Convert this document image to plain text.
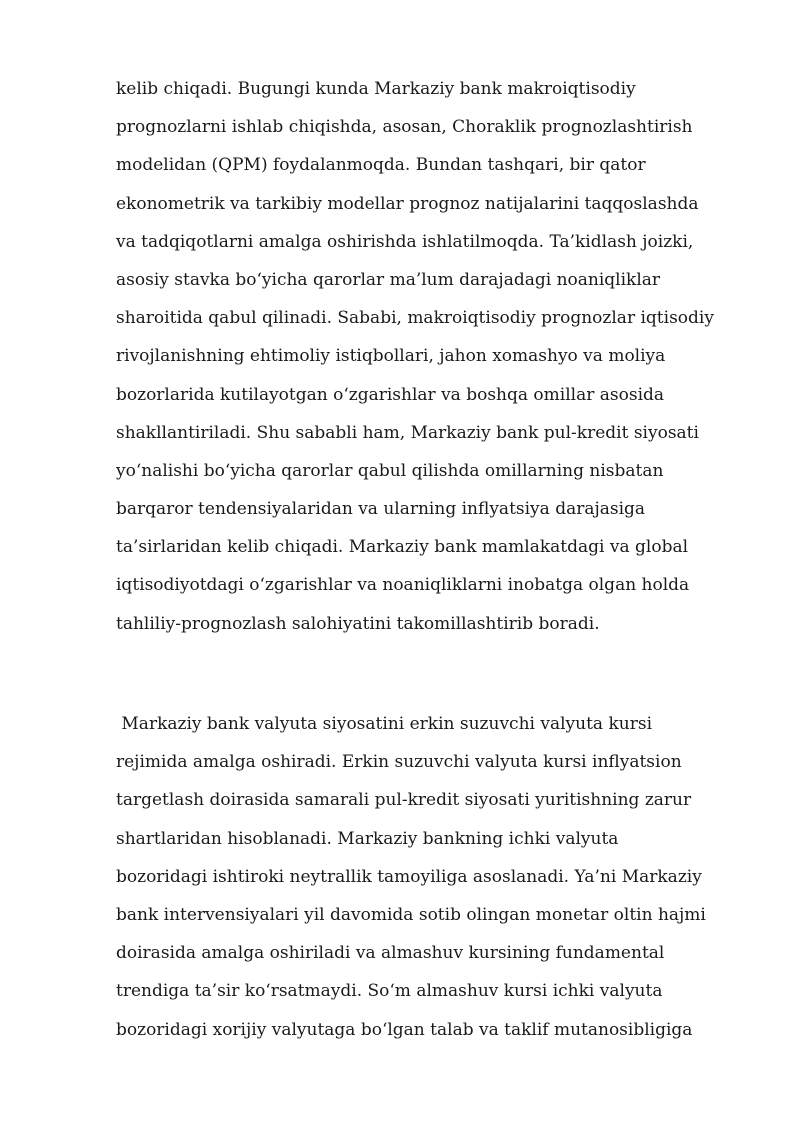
kelib chiqadi. Bugungi kunda Markaziy bank makroiqtisodiy
prognozlarni ishlab chiqishda, asosan, Choraklik prognozlashtirish
modelidan (QPM) foydalanmoqda. Bundan tashqari, bir qator
ekonometrik va tarkibiy modellar prognoz natijalarini taqqoslashda
va tadqiqotlarni amalga oshirishda ishlatilmoqda. Ta’kidlash joizki,
asosiy stavka bo‘yicha qarorlar ma’lum darajadagi noaniqliklar
sharoitida qabul qilinadi. Sababi, makroiqtisodiy prognozlar iqtisodiy
rivojlanishning ehtimoliy istiqbollari, jahon xomashyo va moliya
bozorlarida kutilayotgan o‘zgarishlar va boshqa omillar asosida
shakllantiriladi. Shu sababli ham, Markaziy bank pul-kredit siyosati
yo‘nalishi bo‘yicha qarorlar qabul qilishda omillarning nisbatan
barqaror tendensiyalaridan va ularning inflyatsiya darajasiga
ta’sirlaridan kelib chiqadi. Markaziy bank mamlakatdagi va global
iqtisodiyotdagi o‘zgarishlar va noaniqliklarni inobatga olgan holda
tahliliy-prognozlash salohiyatini takomillashtirib boradi.
Markaziy bank valyuta siyosatini erkin suzuvchi valyuta kursi
rejimida amalga oshiradi. Erkin suzuvchi valyuta kursi inflyatsion
targetlash doirasida samarali pul-kredit siyosati yuritishning zarur
shartlaridan hisoblanadi. Markaziy bankning ichki valyuta
bozoridagi ishtiroki neytrallik tamoyiliga asoslanadi. Ya’ni Markaziy
bank intervensiyalari yil davomida sotib olingan monetar oltin hajmi
doirasida amalga oshiriladi va almashuv kursining fundamental
trendiga ta’sir ko‘rsatmaydi. So‘m almashuv kursi ichki valyuta
bozoridagi xorijiy valyutaga bo‘lgan talab va taklif mutanosibligiga
